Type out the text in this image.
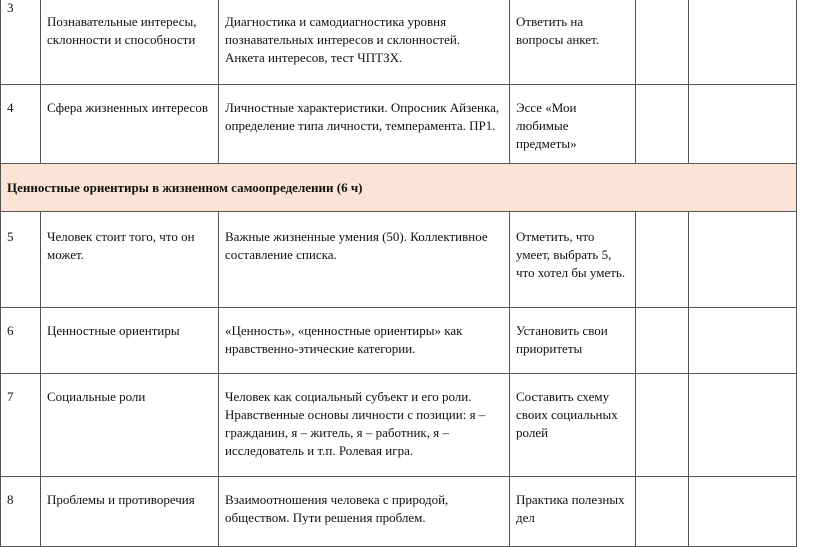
3	Познавательные интересы, склонности и способности	Диагностика и самодиагностика уровня познавательных интересов и склонностей. Анкета интересов, тест ЧПТЗХ.	Ответить на вопросы анкет.		
4	Сфера жизненных интересов	Личностные характеристики. Опросник Айзенка, определение типа личности, темперамента. ПР1.	Эссе «Мои любимые предметы»		
Ценностные ориентиры в жизненном самоопределении (6 ч)					
5	Человек стоит того, что он может.	Важные жизненные умения (50). Коллективное составление списка.	Отметить, что умеет, выбрать 5, что хотел бы уметь.		
6	Ценностные ориентиры	«Ценность», «ценностные ориентиры» как нравственно-этические категории.	Установить свои приоритеты		
7	Социальные роли	Человек как социальный субъект и его роли. Нравственные основы личности с позиции: я – гражданин, я – житель, я – работник, я – исследователь и т.п. Ролевая игра.	Составить схему своих социальных ролей		
8	Проблемы и противоречия	Взаимоотношения человека с природой, обществом. Пути решения проблем.	Практика полезных дел		
